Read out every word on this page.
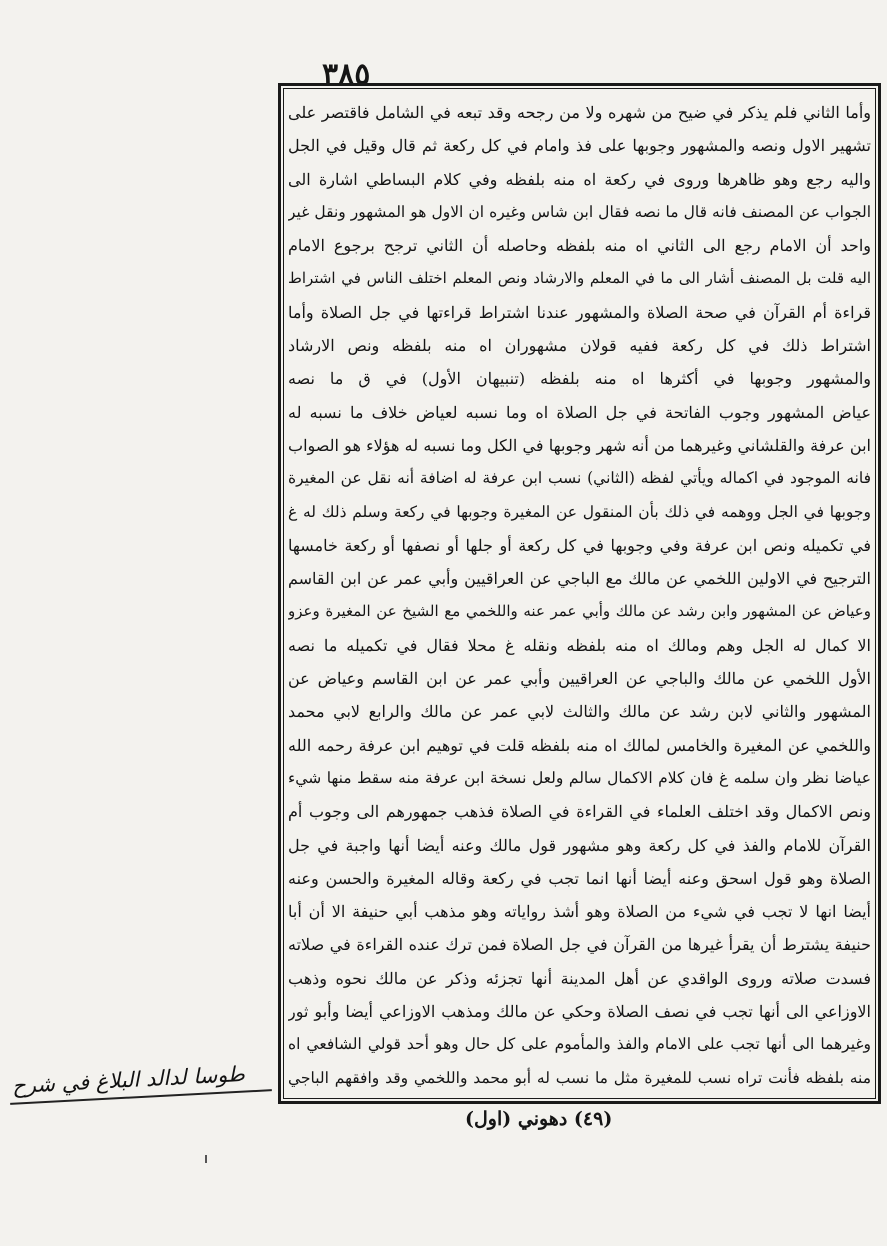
٣٨٥
وأما الثاني فلم يذكر في ضيح من شهره ولا من رجحه وقد تبعه في الشامل فاقتصر على
تشهير الاول ونصه والمشهور وجوبها على فذ وامام في كل ركعة ثم قال وقيل في الجل
واليه رجع وهو ظاهرها وروى في ركعة اه منه بلفظه وفي كلام البساطي اشارة الى
الجواب عن المصنف فانه قال ما نصه فقال ابن شاس وغيره ان الاول هو المشهور ونقل غير
واحد أن الامام رجع الى الثاني اه منه بلفظه وحاصله أن الثاني ترجح برجوع الامام
اليه قلت بل المصنف أشار الى ما في المعلم والارشاد ونص المعلم اختلف الناس في اشتراط
قراءة أم القرآن في صحة الصلاة والمشهور عندنا اشتراط قراءتها في جل الصلاة وأما
اشتراط ذلك في كل ركعة ففيه قولان مشهوران اه منه بلفظه ونص الارشاد
والمشهور وجوبها في أكثرها اه منه بلفظه (تنبيهان الأول) في ق ما نصه
عياض المشهور وجوب الفاتحة في جل الصلاة اه وما نسبه لعياض خلاف ما نسبه له
ابن عرفة والقلشاني وغيرهما من أنه شهر وجوبها في الكل وما نسبه له هؤلاء هو الصواب
فانه الموجود في اكماله ويأتي لفظه (الثاني) نسب ابن عرفة له اضافة أنه نقل عن المغيرة
وجوبها في الجل ووهمه في ذلك بأن المنقول عن المغيرة وجوبها في ركعة وسلم ذلك له غ
في تكميله ونص ابن عرفة وفي وجوبها في كل ركعة أو جلها أو نصفها أو ركعة خامسها
الترجيح في الاولين اللخمي عن مالك مع الباجي عن العراقيين وأبي عمر عن ابن القاسم
وعياض عن المشهور وابن رشد عن مالك وأبي عمر عنه واللخمي مع الشيخ عن المغيرة وعزو
الا كمال له الجل وهم ومالك اه منه بلفظه ونقله غ محلا فقال في تكميله ما نصه
الأول اللخمي عن مالك والباجي عن العراقيين وأبي عمر عن ابن القاسم وعياض عن
المشهور والثاني لابن رشد عن مالك والثالث لابي عمر عن مالك والرابع لابي محمد
واللخمي عن المغيرة والخامس لمالك اه منه بلفظه قلت في توهيم ابن عرفة رحمه الله
عياضا نظر وان سلمه غ فان كلام الاكمال سالم ولعل نسخة ابن عرفة منه سقط منها شيء
ونص الاكمال وقد اختلف العلماء في القراءة في الصلاة فذهب جمهورهم الى وجوب أم
القرآن للامام والفذ في كل ركعة وهو مشهور قول مالك وعنه أيضا أنها واجبة في جل
الصلاة وهو قول اسحق وعنه أيضا أنها انما تجب في ركعة وقاله المغيرة والحسن وعنه
أيضا انها لا تجب في شيء من الصلاة وهو أشذ رواياته وهو مذهب أبي حنيفة الا أن أبا
حنيفة يشترط أن يقرأ غيرها من القرآن في جل الصلاة فمن ترك عنده القراءة في صلاته
فسدت صلاته وروى الواقدي عن أهل المدينة أنها تجزئه وذكر عن مالك نحوه وذهب
الاوزاعي الى أنها تجب في نصف الصلاة وحكي عن مالك ومذهب الاوزاعي أيضا وأبو ثور
وغيرهما الى أنها تجب على الامام والفذ والمأموم على كل حال وهو أحد قولي الشافعي اه
منه بلفظه فأنت تراه نسب للمغيرة مثل ما نسب له أبو محمد واللخمي وقد وافقهم الباجي
(٤٩) دهوني (اول)
طوسا لدالد البلاغ في شرح
